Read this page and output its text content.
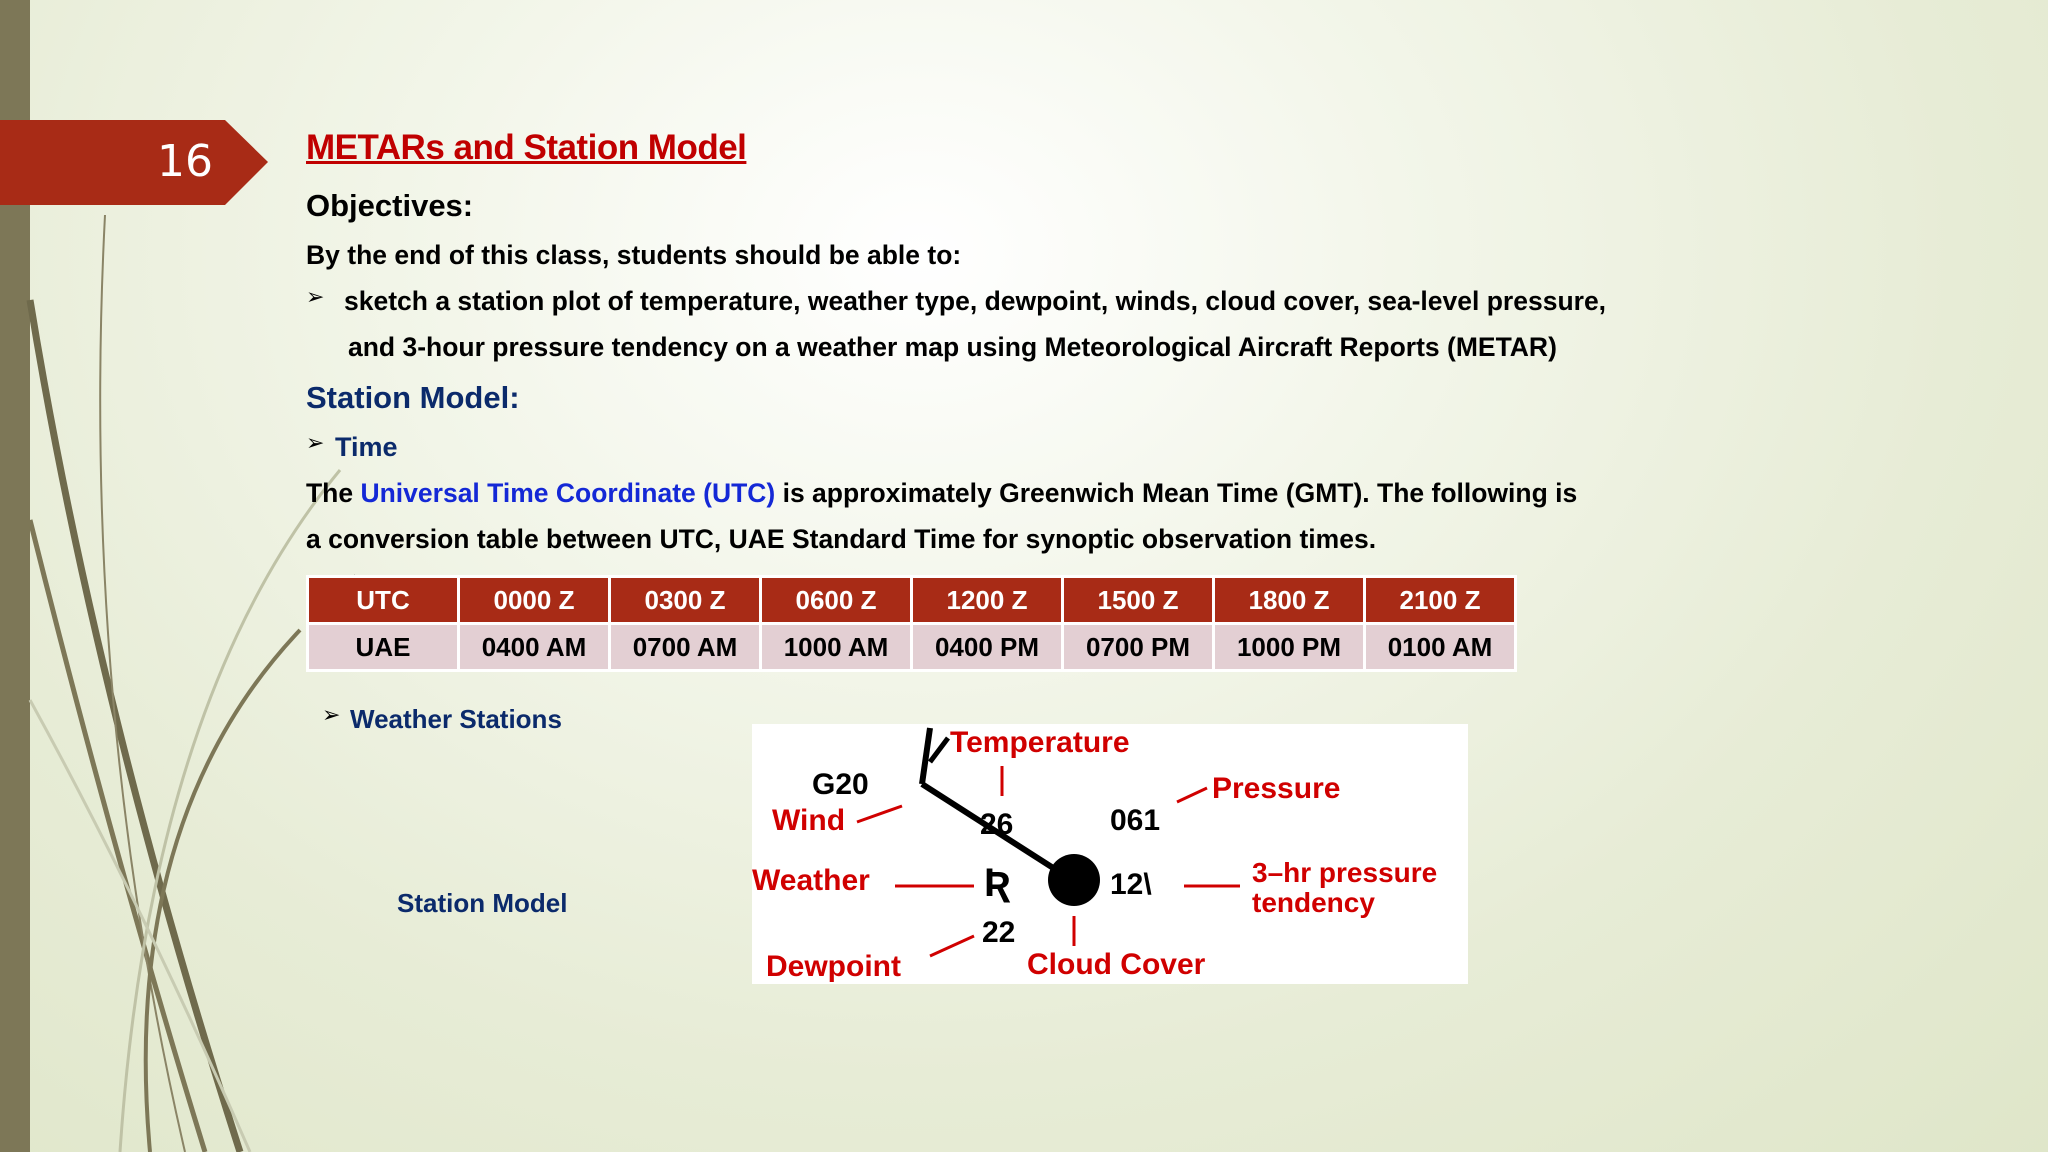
16	METARs and Station Model
Objectives:
By the end of this class, students should be able to:
➢ sketch a station plot of temperature, weather type, dewpoint, winds, cloud cover, sea-level pressure,
and 3-hour pressure tendency on a weather map using Meteorological Aircraft Reports (METAR)
Station Model:
➢ Time
The Universal Time Coordinate (UTC) is approximately Greenwich Mean Time (GMT). The following is
a conversion table between UTC, UAE Standard Time for synoptic observation times.
UTC	0000 Z	0300 Z	0600 Z	1200 Z	1500 Z	1800 Z	2100 Z
UAE	0400 AM	0700 AM	1000 AM	0400 PM	0700 PM	1000 PM	0100 AM
➢ Weather Stations
Station Model	Ʀ
G20
26	061
12\
22
Temperature
Pressure
Wind
Weather	3–hr pressure
tendency
Dewpoint	Cloud Cover
